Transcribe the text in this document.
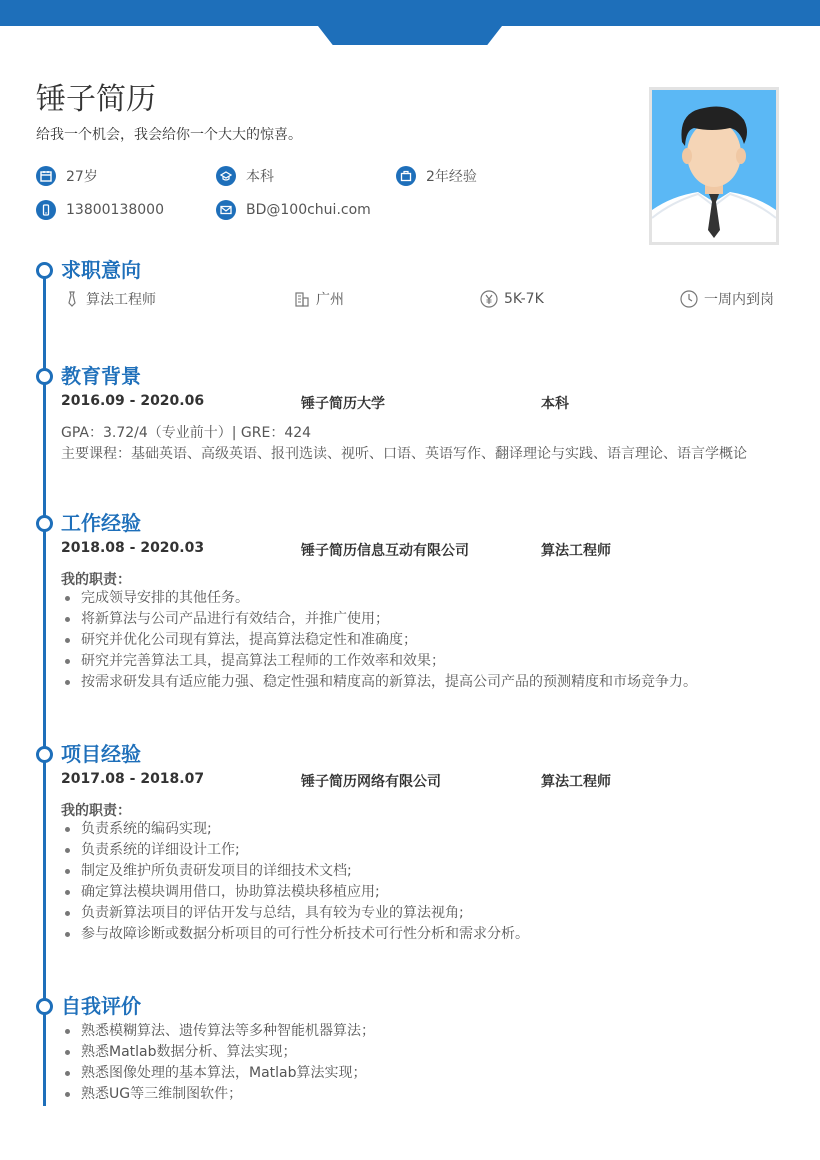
锤子简历
给我一个机会，我会给你一个大大的惊喜。
27岁	本科	2年经验
13800138000	BD@100chui.com
求职意向
算法工程师	广州	5K-7K	一周内到岗
教育背景
2016.09 - 2020.06	锤子简历大学	本科
GPA：3.72/4（专业前十）| GRE：424
主要课程：基础英语、高级英语、报刊选读、视听、口语、英语写作、翻译理论与实践、语言理论、语言学概论
工作经验
2018.08 - 2020.03	锤子简历信息互动有限公司	算法工程师
我的职责：
完成领导安排的其他任务。
将新算法与公司产品进行有效结合，并推广使用；
研究并优化公司现有算法，提高算法稳定性和准确度；
研究并完善算法工具，提高算法工程师的工作效率和效果；
按需求研发具有适应能力强、稳定性强和精度高的新算法，提高公司产品的预测精度和市场竞争力。
项目经验
2017.08 - 2018.07	锤子简历网络有限公司	算法工程师
我的职责：
负责系统的编码实现;
负责系统的详细设计工作;
制定及维护所负责研发项目的详细技术文档;
确定算法模块调用借口，协助算法模块移植应用;
负责新算法项目的评估开发与总结，具有较为专业的算法视角;
参与故障诊断或数据分析项目的可行性分析技术可行性分析和需求分析。
自我评价
熟悉模糊算法、遗传算法等多种智能机器算法；
熟悉Matlab数据分析、算法实现；
熟悉图像处理的基本算法，Matlab算法实现；
熟悉UG等三维制图软件；
